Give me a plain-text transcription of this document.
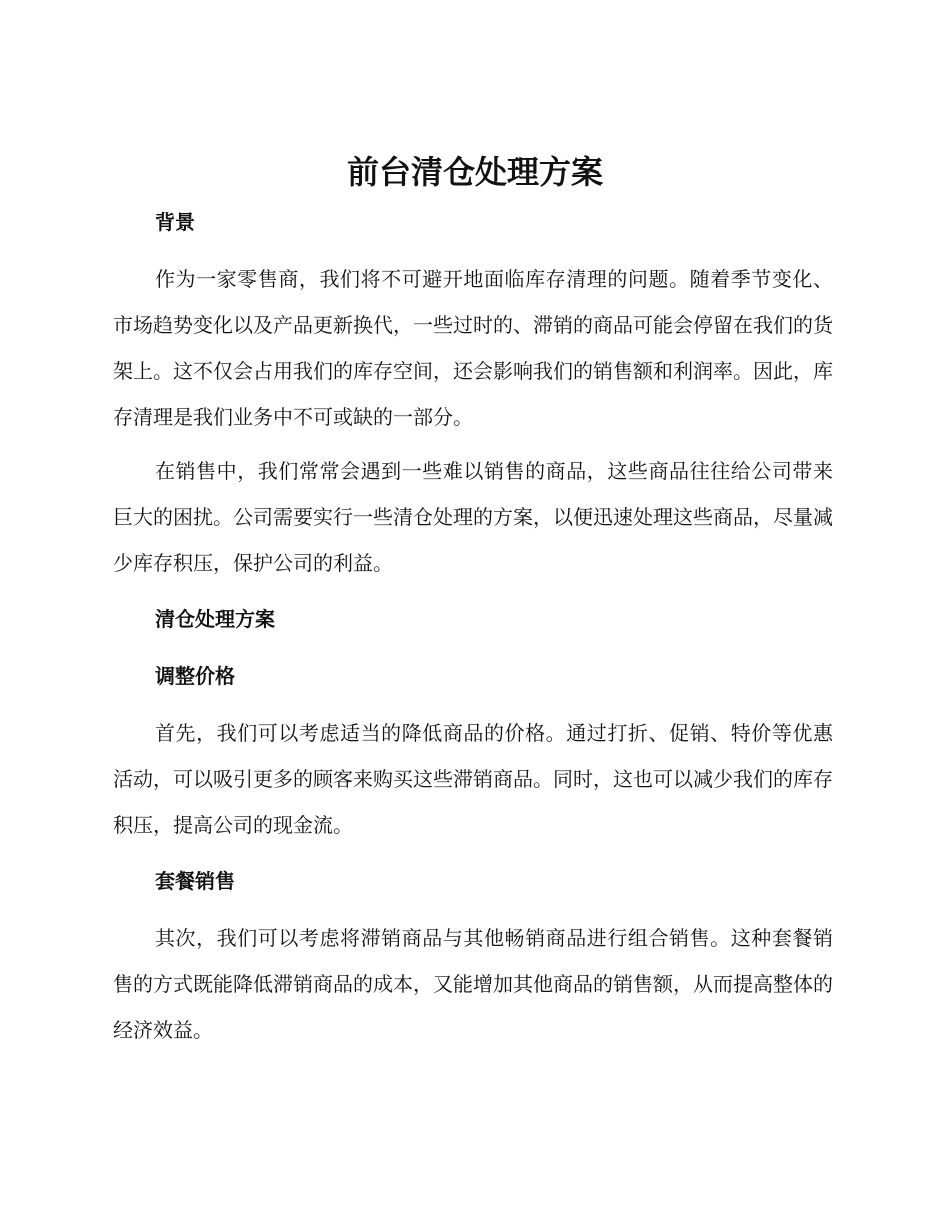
前台清仓处理方案
背景

作为一家零售商，我们将不可避开地面临库存清理的问题。随着季节变化、市场趋势变化以及产品更新换代，一些过时的、滞销的商品可能会停留在我们的货架上。这不仅会占用我们的库存空间，还会影响我们的销售额和利润率。因此，库存清理是我们业务中不可或缺的一部分。

在销售中，我们常常会遇到一些难以销售的商品，这些商品往往给公司带来巨大的困扰。公司需要实行一些清仓处理的方案，以便迅速处理这些商品，尽量减少库存积压，保护公司的利益。

清仓处理方案
调整价格

首先，我们可以考虑适当的降低商品的价格。通过打折、促销、特价等优惠活动，可以吸引更多的顾客来购买这些滞销商品。同时，这也可以减少我们的库存积压，提高公司的现金流。

套餐销售

其次，我们可以考虑将滞销商品与其他畅销商品进行组合销售。这种套餐销售的方式既能降低滞销商品的成本，又能增加其他商品的销售额，从而提高整体的经济效益。
